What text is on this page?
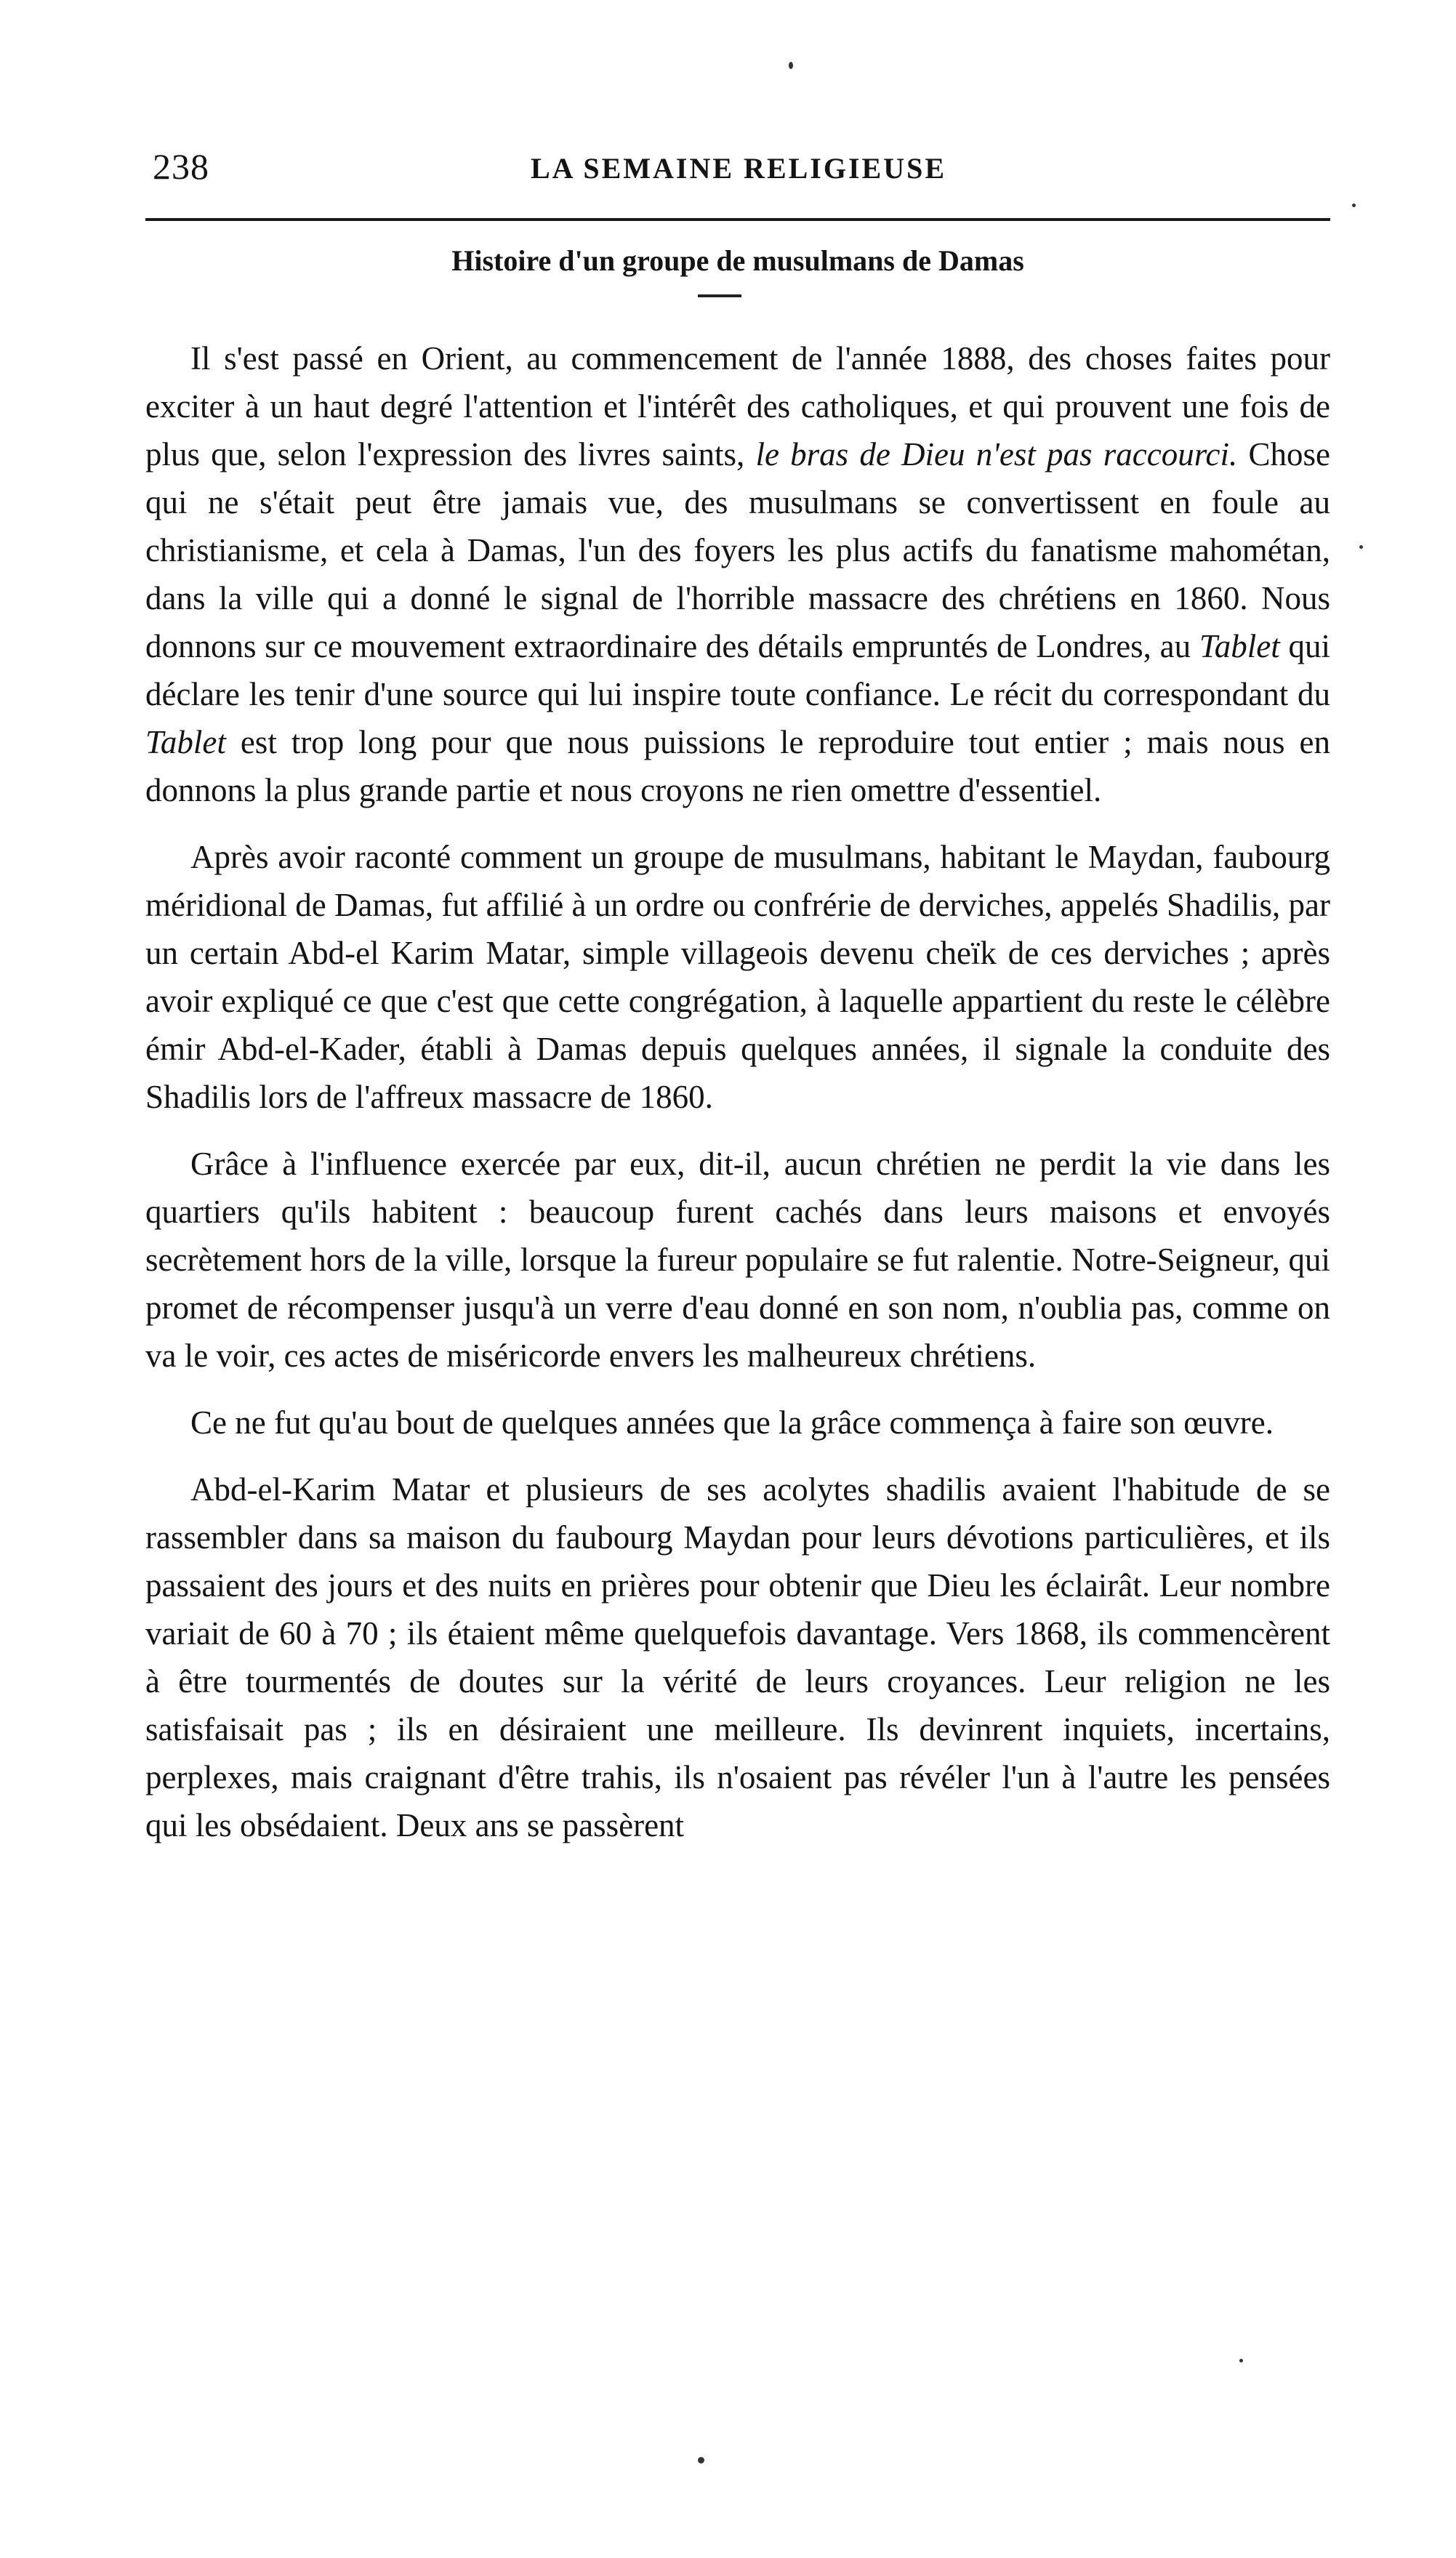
238	LA SEMAINE RELIGIEUSE
Histoire d'un groupe de musulmans de Damas

Il s'est passé en Orient, au commencement de l'année 1888, des choses faites pour exciter à un haut degré l'attention et l'intérêt des catholiques, et qui prouvent une fois de plus que, selon l'expression des livres saints, le bras de Dieu n'est pas raccourci. Chose qui ne s'était peut être jamais vue, des musulmans se convertissent en foule au christianisme, et cela à Damas, l'un des foyers les plus actifs du fanatisme mahométan, dans la ville qui a donné le signal de l'horrible massacre des chrétiens en 1860. Nous donnons sur ce mouvement extraordinaire des détails empruntés de Londres, au Tablet qui déclare les tenir d'une source qui lui inspire toute confiance. Le récit du correspondant du Tablet est trop long pour que nous puissions le reproduire tout entier ; mais nous en donnons la plus grande partie et nous croyons ne rien omettre d'essentiel.

Après avoir raconté comment un groupe de musulmans, habitant le Maydan, faubourg méridional de Damas, fut affilié à un ordre ou confrérie de derviches, appelés Shadilis, par un certain Abd-el Karim Matar, simple villageois devenu cheïk de ces derviches ; après avoir expliqué ce que c'est que cette congrégation, à laquelle appartient du reste le célèbre émir Abd-el-Kader, établi à Damas depuis quelques années, il signale la conduite des Shadilis lors de l'affreux massacre de 1860.

Grâce à l'influence exercée par eux, dit-il, aucun chrétien ne perdit la vie dans les quartiers qu'ils habitent : beaucoup furent cachés dans leurs maisons et envoyés secrètement hors de la ville, lorsque la fureur populaire se fut ralentie. Notre-Seigneur, qui promet de récompenser jusqu'à un verre d'eau donné en son nom, n'oublia pas, comme on va le voir, ces actes de miséricorde envers les malheureux chrétiens.

Ce ne fut qu'au bout de quelques années que la grâce commença à faire son œuvre.

Abd-el-Karim Matar et plusieurs de ses acolytes shadilis avaient l'habitude de se rassembler dans sa maison du faubourg Maydan pour leurs dévotions particulières, et ils passaient des jours et des nuits en prières pour obtenir que Dieu les éclairât. Leur nombre variait de 60 à 70 ; ils étaient même quelquefois davantage. Vers 1868, ils commencèrent à être tourmentés de doutes sur la vérité de leurs croyances. Leur religion ne les satisfaisait pas ; ils en désiraient une meilleure. Ils devinrent inquiets, incertains, perplexes, mais craignant d'être trahis, ils n'osaient pas révéler l'un à l'autre les pensées qui les obsédaient. Deux ans se passèrent
